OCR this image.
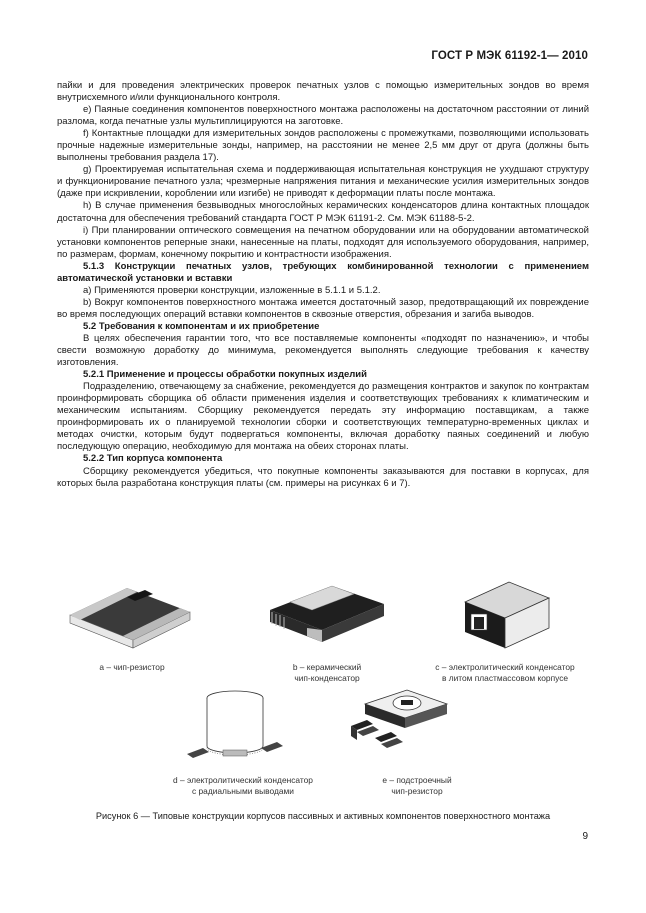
ГОСТ Р МЭК 61192-1— 2010

пайки и для проведения электрических проверок печатных узлов с помощью измерительных зондов во время внутрисхемного и/или функционального контроля.

е) Паяные соединения компонентов поверхностного монтажа расположены на достаточном расстоянии от линий разлома, когда печатные узлы мультиплицируются на заготовке.

f) Контактные площадки для измерительных зондов расположены с промежутками, позволяющими использовать прочные надежные измерительные зонды, например, на расстоянии не менее 2,5 мм друг от друга (должны быть выполнены требования раздела 17).

g) Проектируемая испытательная схема и поддерживающая испытательная конструкция не ухудшают структуру и функционирование печатного узла; чрезмерные напряжения питания и механические усилия измерительных зондов (даже при искривлении, короблении или изгибе) не приводят к деформации платы после монтажа.

h) В случае применения безвыводных многослойных керамических конденсаторов длина контактных площадок достаточна для обеспечения требований стандарта ГОСТ Р МЭК 61191-2. См. МЭК 61188-5-2.

i) При планировании оптического совмещения на печатном оборудовании или на оборудовании автоматической установки компонентов реперные знаки, нанесенные на платы, подходят для используемого оборудования, например, по размерам, формам, конечному покрытию и контрастности изображения.

5.1.3 Конструкции печатных узлов, требующих комбинированной технологии с применением автоматической установки и вставки

а) Применяются проверки конструкции, изложенные в 5.1.1 и 5.1.2.

b) Вокруг компонентов поверхностного монтажа имеется достаточный зазор, предотвращающий их повреждение во время последующих операций вставки компонентов в сквозные отверстия, обрезания и загиба выводов.

5.2 Требования к компонентам и их приобретение

В целях обеспечения гарантии того, что все поставляемые компоненты «подходят по назначению», и чтобы свести возможную доработку до минимума, рекомендуется выполнять следующие требования к качеству изготовления.

5.2.1 Применение и процессы обработки покупных изделий

Подразделению, отвечающему за снабжение, рекомендуется до размещения контрактов и закупок по контрактам проинформировать сборщика об области применения изделия и соответствующих требованиях к климатическим и механическим испытаниям. Сборщику рекомендуется передать эту информацию поставщикам, а также проинформировать их о планируемой технологии сборки и соответствующих температурно-временных циклах и методах очистки, которым будут подвергаться компоненты, включая доработку паяных соединений и любую последующую операцию, необходимую для монтажа на обеих сторонах платы.

5.2.2 Тип корпуса компонента

Сборщику рекомендуется убедиться, что покупные компоненты заказываются для поставки в корпусах, для которых была разработана конструкция платы (см. примеры на рисунках 6 и 7).

а – чип-резистор	b – керамический
чип-конденсатор
с – электролитический конденсатор
в литом пластмассовом корпусе
d – электролитический конденсатор
с радиальными выводами
е – подстроечный
чип-резистор
Рисунок 6 — Типовые конструкции корпусов пассивных и активных компонентов поверхностного монтажа
9
